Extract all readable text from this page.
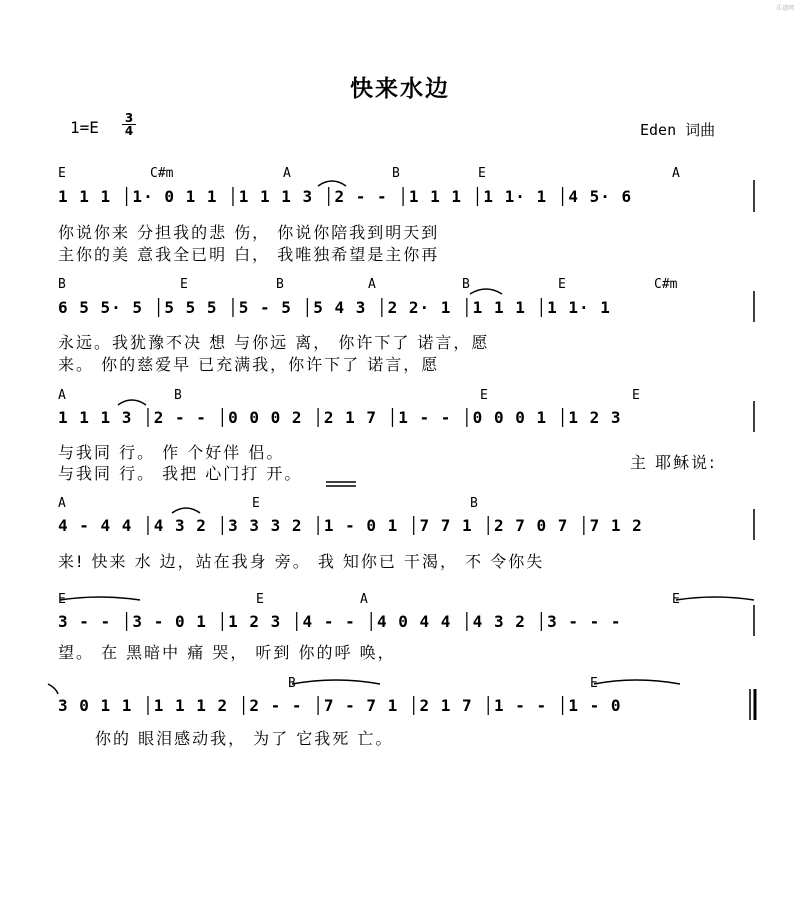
乐谱网
快来水边
1=E 3
4	Eden 词曲
E	C#m	A	B	E	A
1 1 1 │1· 0 1 1 │1 1 1 3 │2 - - │1 1 1 │1 1· 1 │4 5· 6
你说你来 分担我的悲 伤， 你说你陪我到明天到
主你的美 意我全已明 白， 我唯独希望是主你再
B	E	B	A	B	E	C#m
6 5 5· 5 │5 5 5 │5 - 5 │5 4 3 │2 2· 1 │1 1 1 │1 1· 1
永远。我犹豫不决 想 与你远 离， 你许下了 诺言，愿
来。 你的慈爱早 已充满我，你许下了 诺言，愿
A	B	E	E
1 1 1 3 │2 - - │0 0 0 2 │2 1 7 │1 - - │0 0 0 1 │1 2 3
与我同 行。 作 个好伴 侣。
与我同 行。 我把 心门打 开。
主 耶稣说:
A	E	B
4 - 4 4 │4 3 2 │3 3 3 2 │1 - 0 1 │7 7 1 │2 7 0 7 │7 1 2
来! 快来 水 边，站在我身 旁。 我 知你已 干渴， 不 令你失
E	E	A	E
3 - - │3 - 0 1 │1 2 3 │4 - - │4 0 4 4 │4 3 2 │3 - - -
望。 在 黑暗中 痛 哭， 听到 你的呼 唤，
B	E
3 0 1 1 │1 1 1 2 │2 - - │7 - 7 1 │2 1 7 │1 - - │1 - 0
你的 眼泪感动我， 为了 它我死 亡。
